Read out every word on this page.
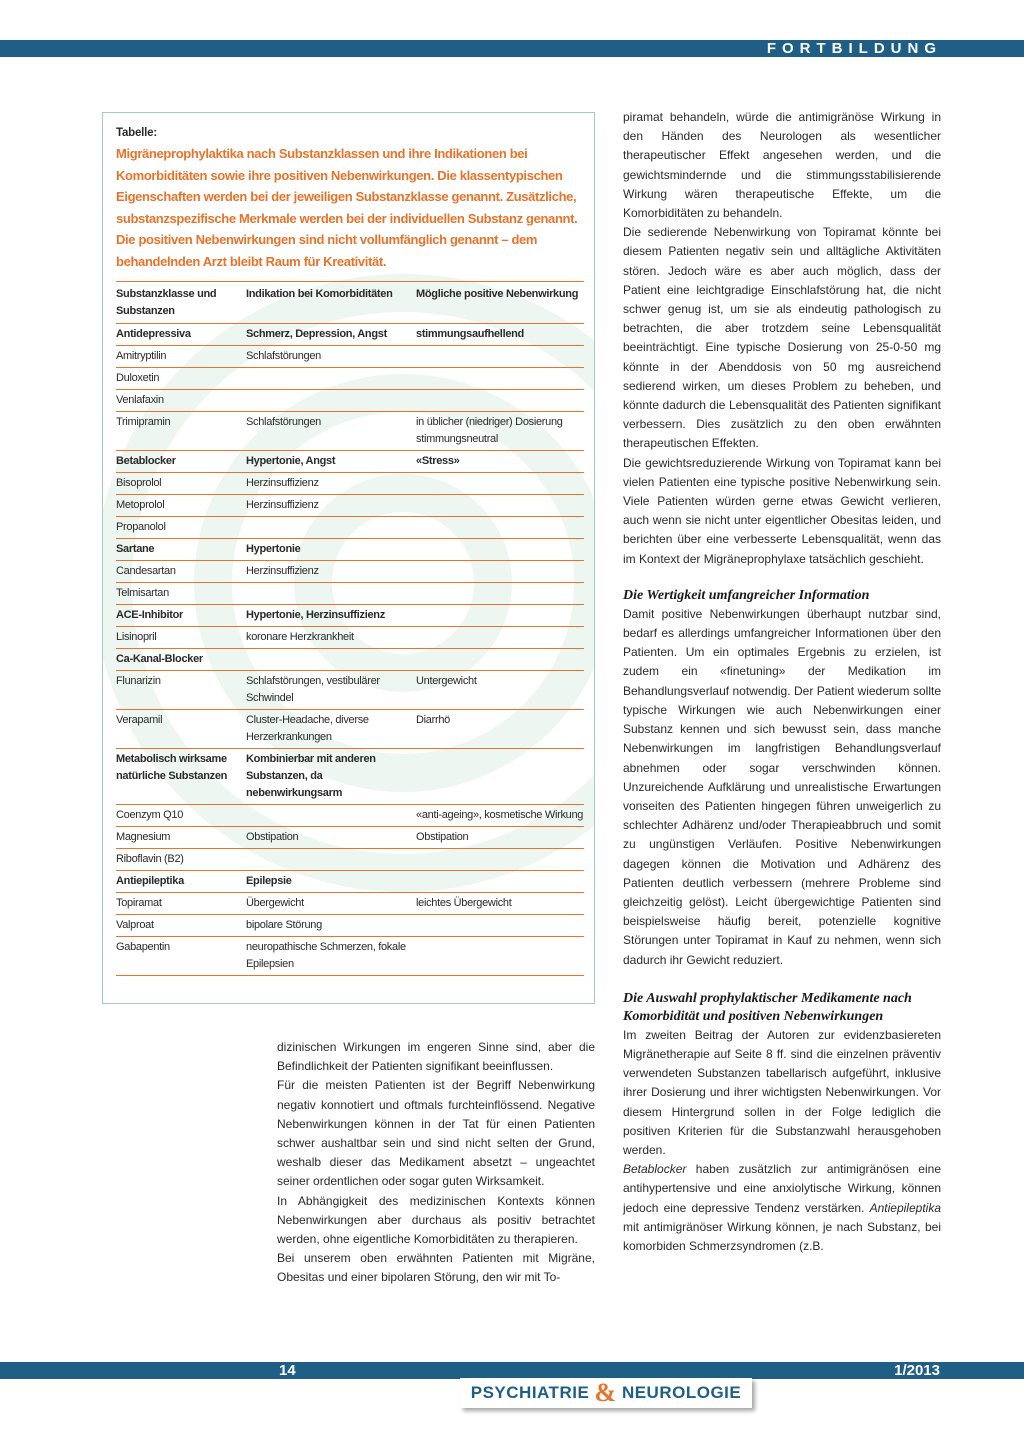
FORTBILDUNG
Tabelle:
Migräneprophylaktika nach Substanzklassen und ihre Indikationen bei Komorbiditäten sowie ihre positiven Nebenwirkungen. Die klassentypischen Eigenschaften werden bei der jeweiligen Substanzklasse genannt. Zusätzliche, substanzspezifische Merkmale werden bei der individuellen Substanz genannt. Die positiven Nebenwirkungen sind nicht vollumfänglich genannt – dem behandelnden Arzt bleibt Raum für Kreativität.
Substanzklasse und Substanzen	Indikation bei Komorbiditäten	Mögliche positive Nebenwirkung
Antidepressiva	Schmerz, Depression, Angst	stimmungsaufhellend
Amitryptilin	Schlafstörungen	
Duloxetin		
Venlafaxin		
Trimipramin	Schlafstörungen	in üblicher (niedriger) Dosierung stimmungsneutral
Betablocker	Hypertonie, Angst	«Stress»
Bisoprolol	Herzinsuffizienz	
Metoprolol	Herzinsuffizienz	
Propanolol		
Sartane	Hypertonie	
Candesartan	Herzinsuffizienz	
Telmisartan		
ACE-Inhibitor	Hypertonie, Herzinsuffizienz	
Lisinopril	koronare Herzkrankheit	
Ca-Kanal-Blocker		
Flunarizin	Schlafstörungen, vestibulärer Schwindel	Untergewicht
Verapamil	Cluster-Headache, diverse Herzerkrankungen	Diarrhö
Metabolisch wirksame natürliche Substanzen	Kombinierbar mit anderen Substanzen, da nebenwirkungsarm	
Coenzym Q10		«anti-ageing», kosmetische Wirkung
Magnesium	Obstipation	Obstipation
Riboflavin (B2)		
Antiepileptika	Epilepsie	
Topiramat	Übergewicht	leichtes Übergewicht
Valproat	bipolare Störung	
Gabapentin	neuropathische Schmerzen, fokale Epilepsien	

dizinischen Wirkungen im engeren Sinne sind, aber die Befindlichkeit der Patienten signifikant beeinflussen.

Für die meisten Patienten ist der Begriff Nebenwirkung negativ konnotiert und oftmals furchteinflössend. Negative Nebenwirkungen können in der Tat für einen Patienten schwer aushaltbar sein und sind nicht selten der Grund, weshalb dieser das Medikament absetzt – ungeachtet seiner ordentlichen oder sogar guten Wirksamkeit.

In Abhängigkeit des medizinischen Kontexts können Nebenwirkungen aber durchaus als positiv betrachtet werden, ohne eigentliche Komorbiditäten zu therapieren.

Bei unserem oben erwähnten Patienten mit Migräne, Obesitas und einer bipolaren Störung, den wir mit To-

piramat behandeln, würde die antimigränöse Wirkung in den Händen des Neurologen als wesentlicher therapeutischer Effekt angesehen werden, und die gewichtsmindernde und die stimmungsstabilisierende Wirkung wären therapeutische Effekte, um die Komorbiditäten zu behandeln.

Die sedierende Nebenwirkung von Topiramat könnte bei diesem Patienten negativ sein und alltägliche Aktivitäten stören. Jedoch wäre es aber auch möglich, dass der Patient eine leichtgradige Einschlafstörung hat, die nicht schwer genug ist, um sie als eindeutig pathologisch zu betrachten, die aber trotzdem seine Lebensqualität beeinträchtigt. Eine typische Dosierung von 25-0-50 mg könnte in der Abenddosis von 50 mg ausreichend sedierend wirken, um dieses Problem zu beheben, und könnte dadurch die Lebensqualität des Patienten signifikant verbessern. Dies zusätzlich zu den oben erwähnten therapeutischen Effekten.

Die gewichtsreduzierende Wirkung von Topiramat kann bei vielen Patienten eine typische positive Nebenwirkung sein. Viele Patienten würden gerne etwas Gewicht verlieren, auch wenn sie nicht unter eigentlicher Obesitas leiden, und berichten über eine verbesserte Lebensqualität, wenn das im Kontext der Migräneprophylaxe tatsächlich geschieht.

Die Wertigkeit umfangreicher Information

Damit positive Nebenwirkungen überhaupt nutzbar sind, bedarf es allerdings umfangreicher Informationen über den Patienten. Um ein optimales Ergebnis zu erzielen, ist zudem ein «finetuning» der Medikation im Behandlungsverlauf notwendig. Der Patient wiederum sollte typische Wirkungen wie auch Nebenwirkungen einer Substanz kennen und sich bewusst sein, dass manche Nebenwirkungen im langfristigen Behandlungsverlauf abnehmen oder sogar verschwinden können. Unzureichende Aufklärung und unrealistische Erwartungen vonseiten des Patienten hingegen führen unweigerlich zu schlechter Adhärenz und/oder Therapieabbruch und somit zu ungünstigen Verläufen. Positive Nebenwirkungen dagegen können die Motivation und Adhärenz des Patienten deutlich verbessern (mehrere Probleme sind gleichzeitig gelöst). Leicht übergewichtige Patienten sind beispielsweise häufig bereit, potenzielle kognitive Störungen unter Topiramat in Kauf zu nehmen, wenn sich dadurch ihr Gewicht reduziert.

Die Auswahl prophylaktischer Medikamente nach Komorbidität und positiven Nebenwirkungen

Im zweiten Beitrag der Autoren zur evidenzbasiereten Migränetherapie auf Seite 8 ff. sind die einzelnen präventiv verwendeten Substanzen tabellarisch aufgeführt, inklusive ihrer Dosierung und ihrer wichtigsten Nebenwirkungen. Vor diesem Hintergrund sollen in der Folge lediglich die positiven Kriterien für die Substanzwahl herausgehoben werden.

Betablocker haben zusätzlich zur antimigränösen eine antihypertensive und eine anxiolytische Wirkung, können jedoch eine depressive Tendenz verstärken. Antiepileptika mit antimigränöser Wirkung können, je nach Substanz, bei komorbiden Schmerzsyndromen (z.B.

14	1/2013
PSYCHIATRIE & NEUROLOGIE
